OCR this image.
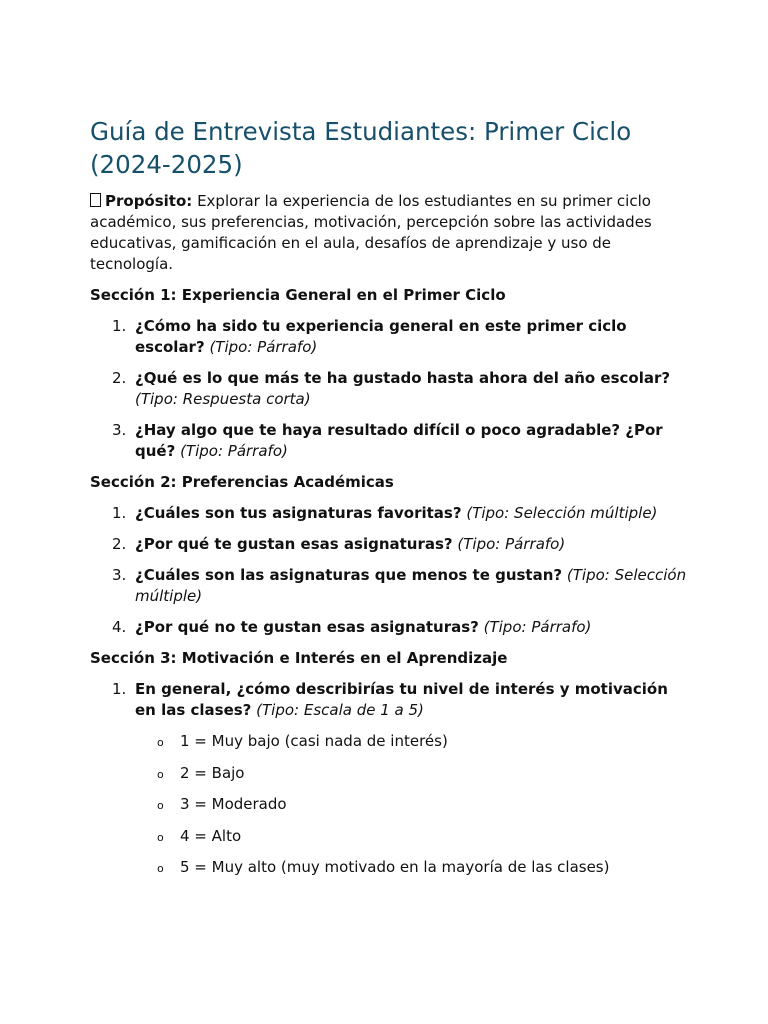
Guía de Entrevista Estudiantes: Primer Ciclo (2024-2025)

Propósito: Explorar la experiencia de los estudiantes en su primer ciclo académico, sus preferencias, motivación, percepción sobre las actividades educativas, gamificación en el aula, desafíos de aprendizaje y uso de tecnología.

Sección 1: Experiencia General en el Primer Ciclo
1. ¿Cómo ha sido tu experiencia general en este primer ciclo escolar? (Tipo: Párrafo)
2. ¿Qué es lo que más te ha gustado hasta ahora del año escolar? (Tipo: Respuesta corta)
3. ¿Hay algo que te haya resultado difícil o poco agradable? ¿Por qué? (Tipo: Párrafo)
Sección 2: Preferencias Académicas
1. ¿Cuáles son tus asignaturas favoritas? (Tipo: Selección múltiple)
2. ¿Por qué te gustan esas asignaturas? (Tipo: Párrafo)
3. ¿Cuáles son las asignaturas que menos te gustan? (Tipo: Selección múltiple)
4. ¿Por qué no te gustan esas asignaturas? (Tipo: Párrafo)
Sección 3: Motivación e Interés en el Aprendizaje
1. En general, ¿cómo describirías tu nivel de interés y motivación en las clases? (Tipo: Escala de 1 a 5)
o 1 = Muy bajo (casi nada de interés)
o 2 = Bajo
o 3 = Moderado
o 4 = Alto
o 5 = Muy alto (muy motivado en la mayoría de las clases)
